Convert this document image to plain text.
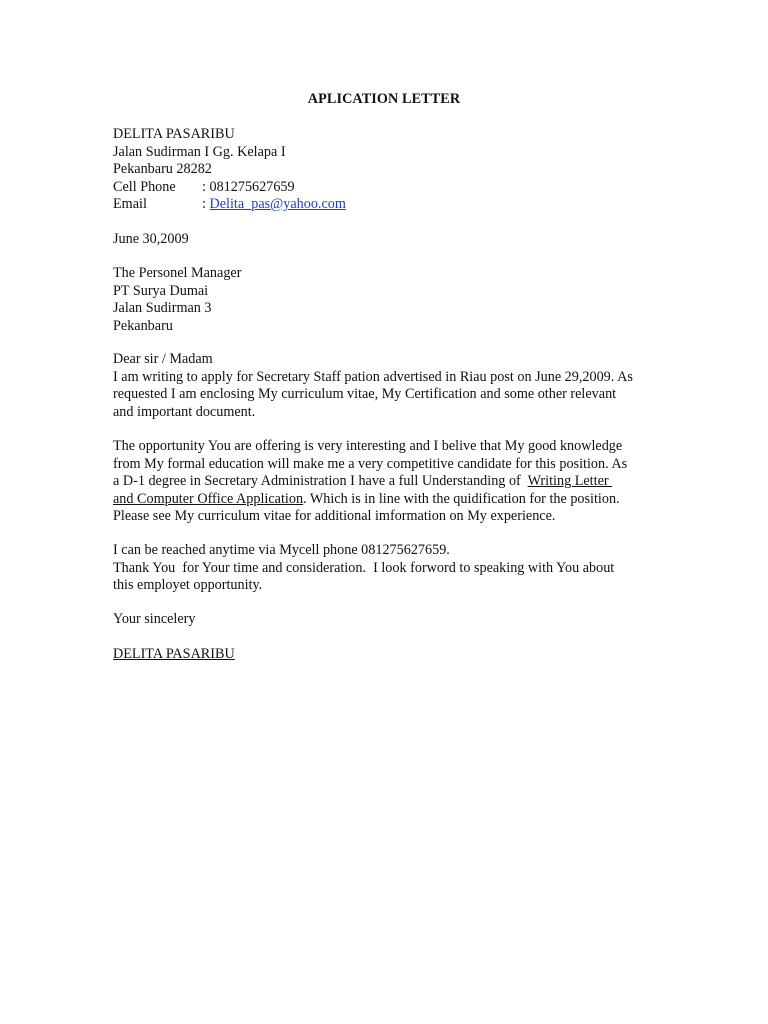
APLICATION LETTER
DELITA PASARIBU
Jalan Sudirman I Gg. Kelapa I
Pekanbaru 28282
Cell Phone	: 081275627659
Email	: Delita_pas@yahoo.com
June 30,2009
The Personel Manager
PT Surya Dumai
Jalan Sudirman 3
Pekanbaru
Dear sir / Madam
I am writing to apply for Secretary Staff pation advertised in Riau post on June 29,2009. As
requested I am enclosing My curriculum vitae, My Certification and some other relevant
and important document.
The opportunity You are offering is very interesting and I belive that My good knowledge
from My formal education will make me a very competitive candidate for this position. As
a D-1 degree in Secretary Administration I have a full Understanding of  Writing Letter
and Computer Office Application. Which is in line with the quidification for the position.
Please see My curriculum vitae for additional imformation on My experience.
I can be reached anytime via Mycell phone 081275627659.
Thank You  for Your time and consideration.  I look forword to speaking with You about
this employet opportunity.
Your sincelery
DELITA PASARIBU
